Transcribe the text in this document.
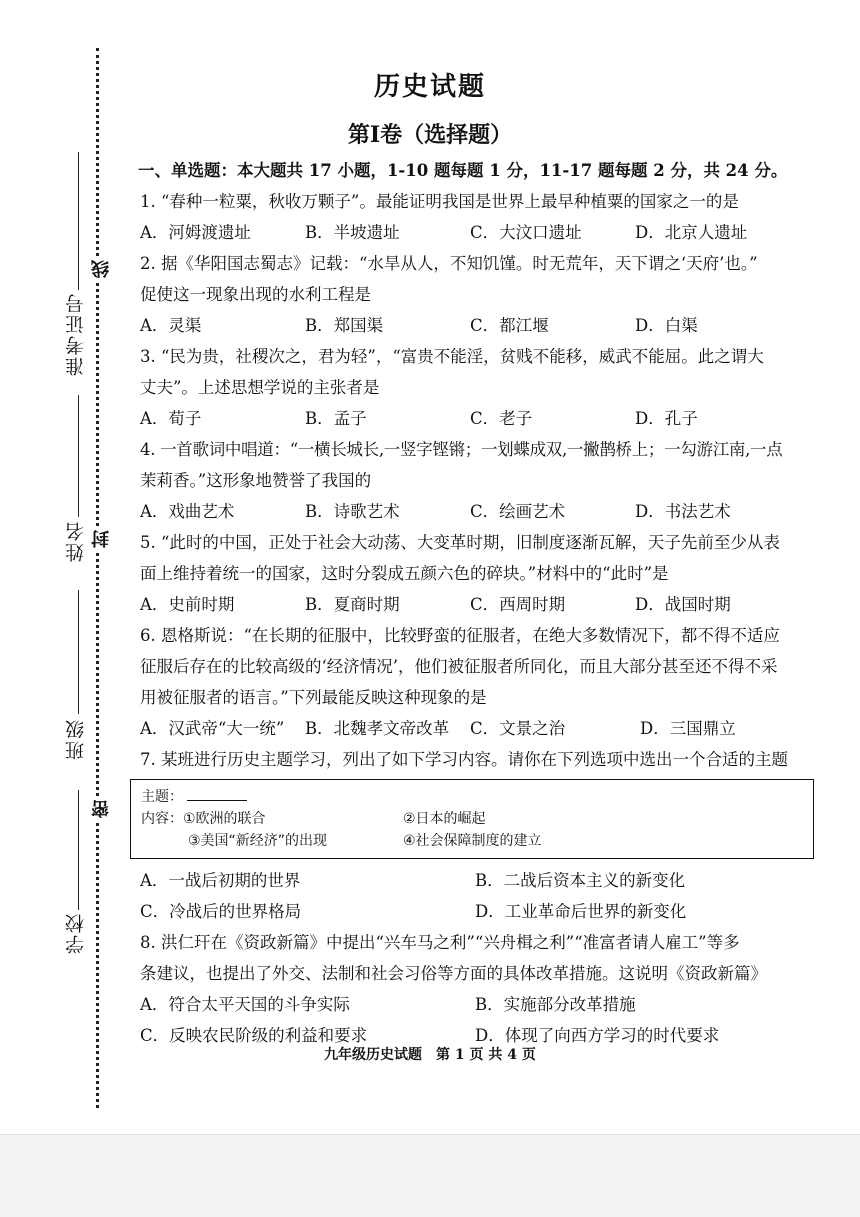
准考证号
姓名
班级
学校
线
封
密
历史试题
第Ⅰ卷（选择题）
一、单选题：本大题共 17 小题，1-10 题每题 1 分，11-17 题每题 2 分，共 24 分。
1. “春种一粒粟，秋收万颗子”。最能证明我国是世界上最早种植粟的国家之一的是
A．河姆渡遗址	B．半坡遗址	C．大汶口遗址	D．北京人遗址
2. 据《华阳国志蜀志》记载：“水旱从人，不知饥馑。时无荒年，天下谓之‘天府’也。”
促使这一现象出现的水利工程是
A．灵渠	B．郑国渠	C．都江堰	D．白渠
3. “民为贵，社稷次之，君为轻”，“富贵不能淫，贫贱不能移，威武不能屈。此之谓大
丈夫”。上述思想学说的主张者是
A．荀子	B．孟子	C．老子	D．孔子
4. 一首歌词中唱道：“一横长城长,一竖字铿锵；一划蝶成双,一撇鹊桥上；一勾游江南,一点
茉莉香。”这形象地赞誉了我国的
A．戏曲艺术	B．诗歌艺术	C．绘画艺术	D．书法艺术
5. “此时的中国，正处于社会大动荡、大变革时期，旧制度逐渐瓦解，天子先前至少从表
面上维持着统一的国家，这时分裂成五颜六色的碎块。”材料中的“此时”是
A．史前时期	B．夏商时期	C．西周时期	D．战国时期
6. 恩格斯说：“在长期的征服中，比较野蛮的征服者，在绝大多数情况下，都不得不适应
征服后存在的比较高级的‘经济情况’，他们被征服者所同化，而且大部分甚至还不得不采
用被征服者的语言。”下列最能反映这种现象的是
A．汉武帝“大一统”	B．北魏孝文帝改革	C．文景之治	D．三国鼎立
7. 某班进行历史主题学习，列出了如下学习内容。请你在下列选项中选出一个合适的主题
主题：
内容：①欧洲的联合	②日本的崛起
③美国“新经济”的出现	④社会保障制度的建立
A．一战后初期的世界	B．二战后资本主义的新变化
C．冷战后的世界格局	D．工业革命后世界的新变化
8. 洪仁玕在《资政新篇》中提出“兴车马之利”“兴舟楫之利”“准富者请人雇工”等多
条建议，也提出了外交、法制和社会习俗等方面的具体改革措施。这说明《资政新篇》
A．符合太平天国的斗争实际	B．实施部分改革措施
C．反映农民阶级的利益和要求	D．体现了向西方学习的时代要求
九年级历史试题　第 1 页 共 4 页
